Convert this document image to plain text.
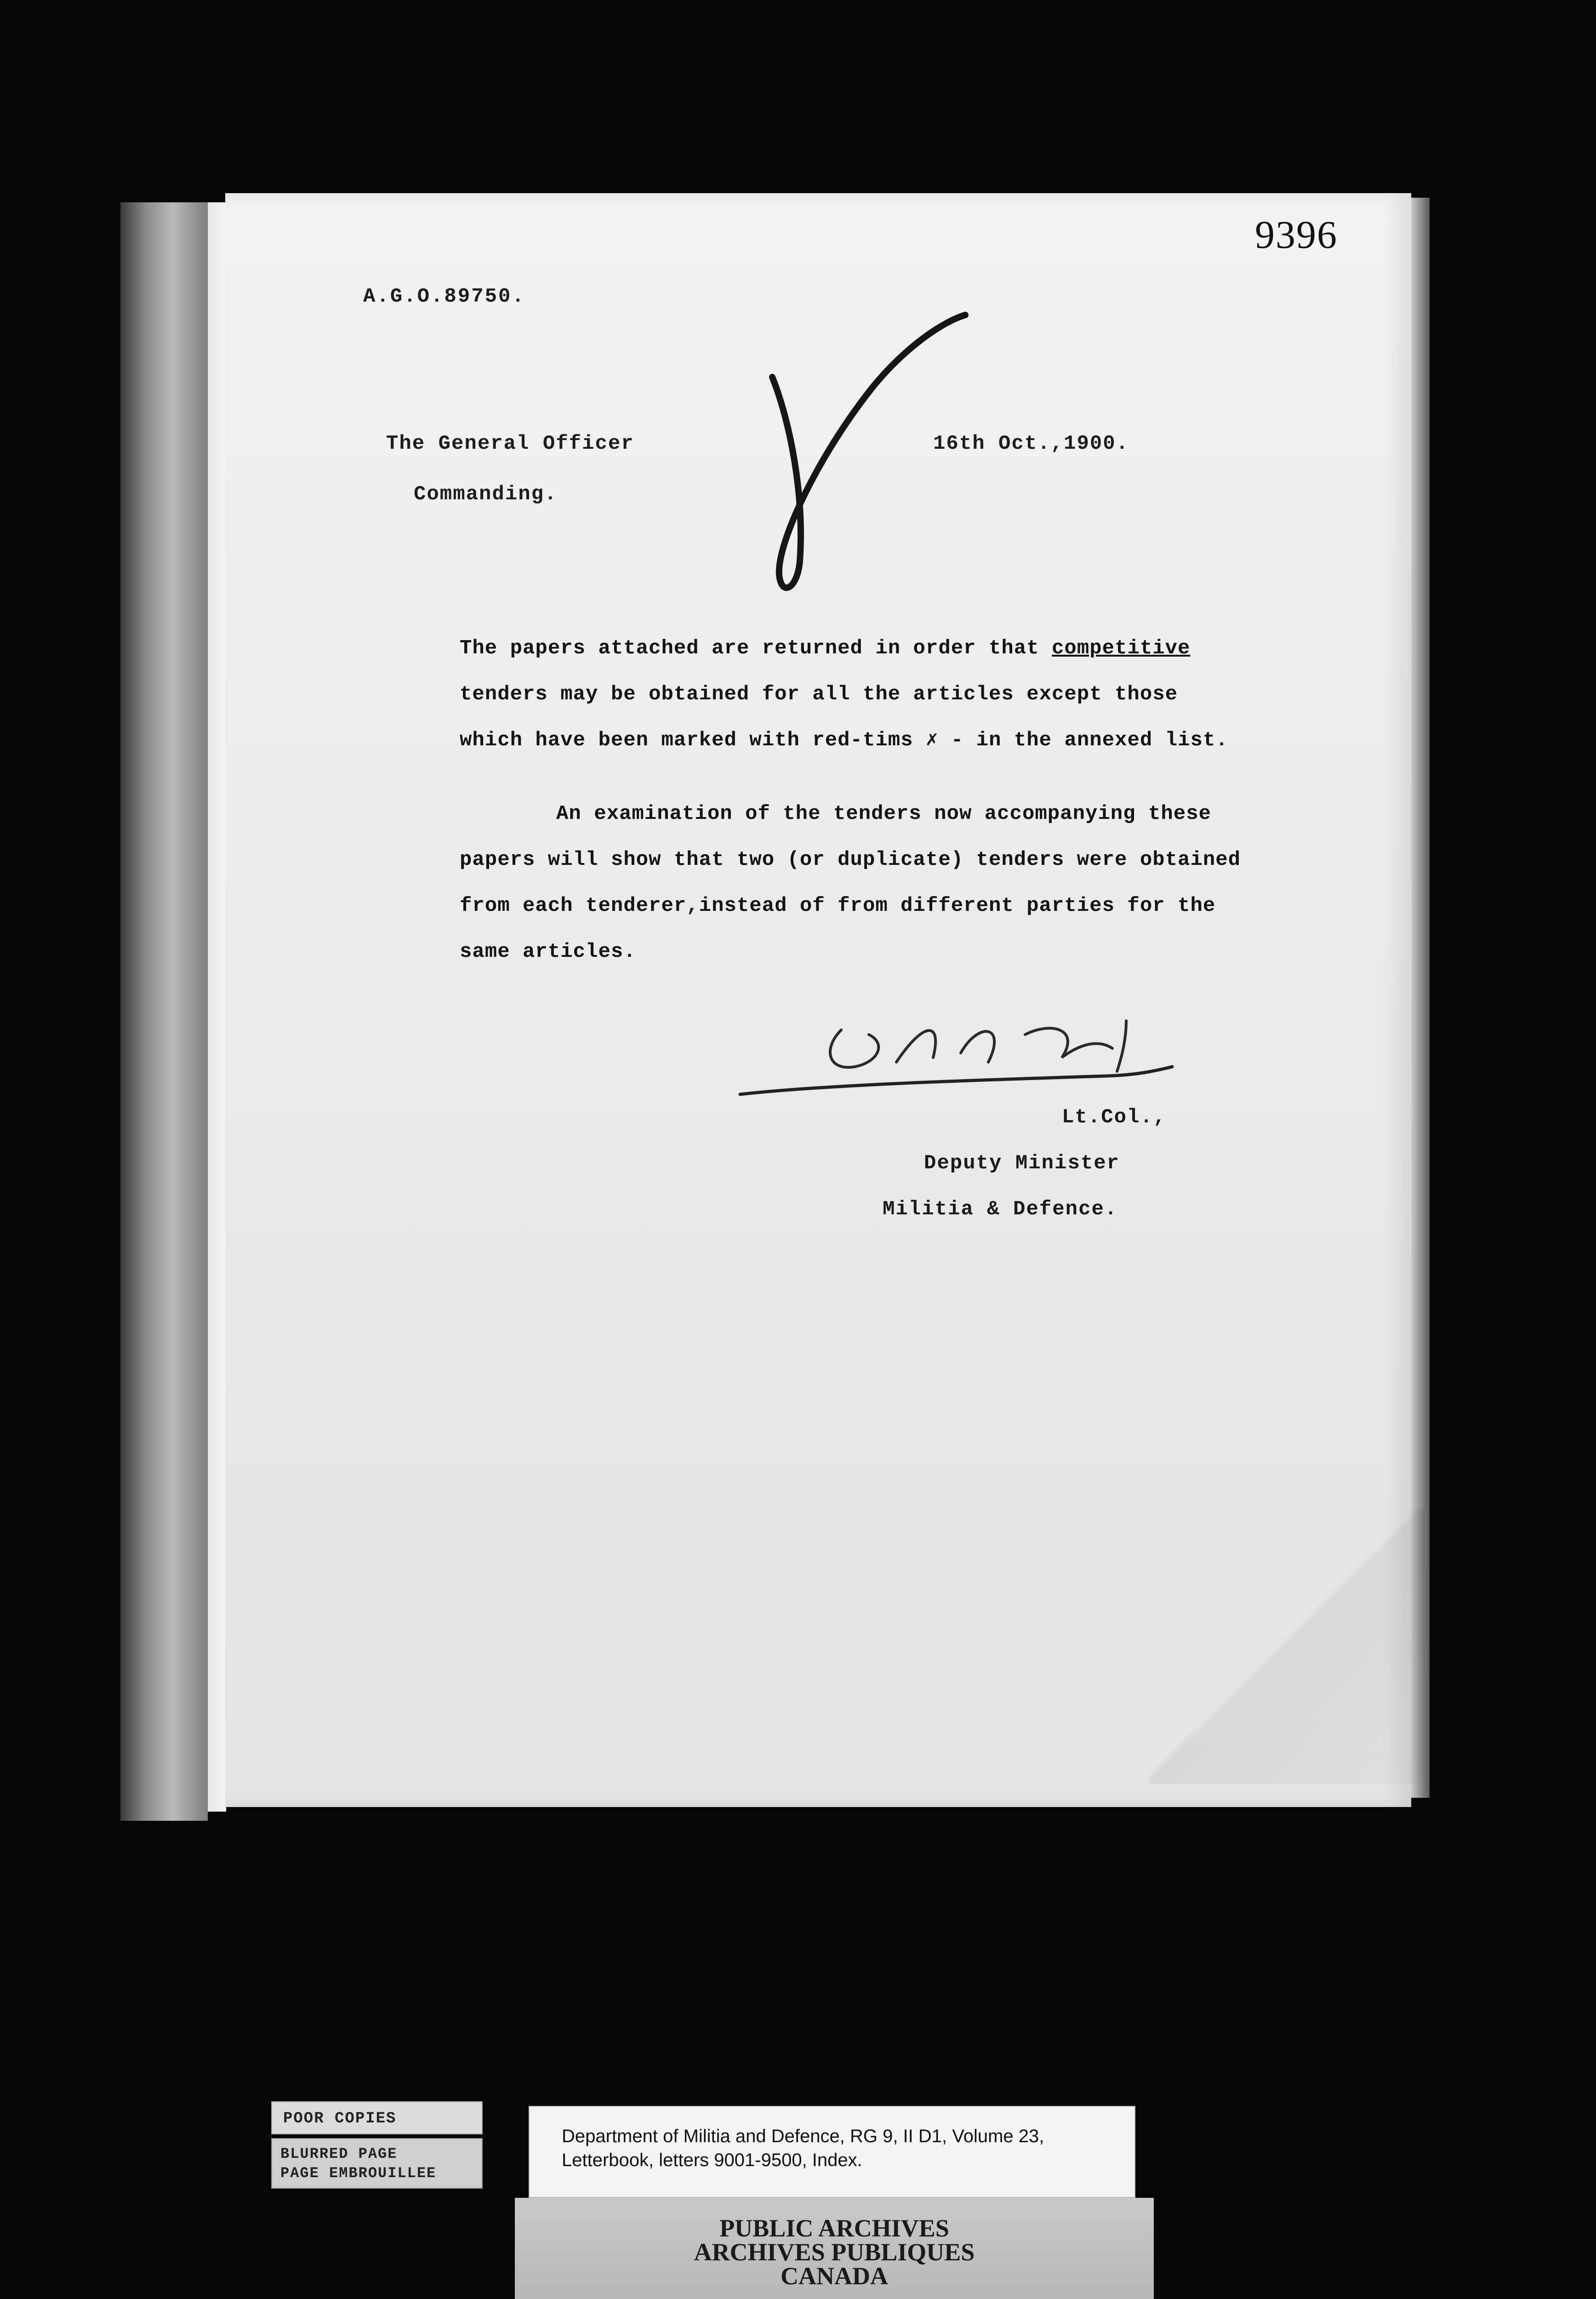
9396
A.G.O.89750.
The General Officer
Commanding.
16th Oct.,1900.

The papers attached are returned in order that competitive tenders may be obtained for all the articles except those which have been marked with red-tims ✗ - in the annexed list.

An examination of the tenders now accompanying these papers will show that two (or duplicate) tenders were obtained from each tenderer,instead of from different parties for the same articles.

Lt.Col.,
Deputy Minister
Militia & Defence.
POOR COPIES
BLURRED PAGE
PAGE EMBROUILLEE
Department of Militia and Defence, RG 9, II D1, Volume 23,
Letterbook, letters 9001-9500, Index.
PUBLIC ARCHIVES
ARCHIVES PUBLIQUES
CANADA
